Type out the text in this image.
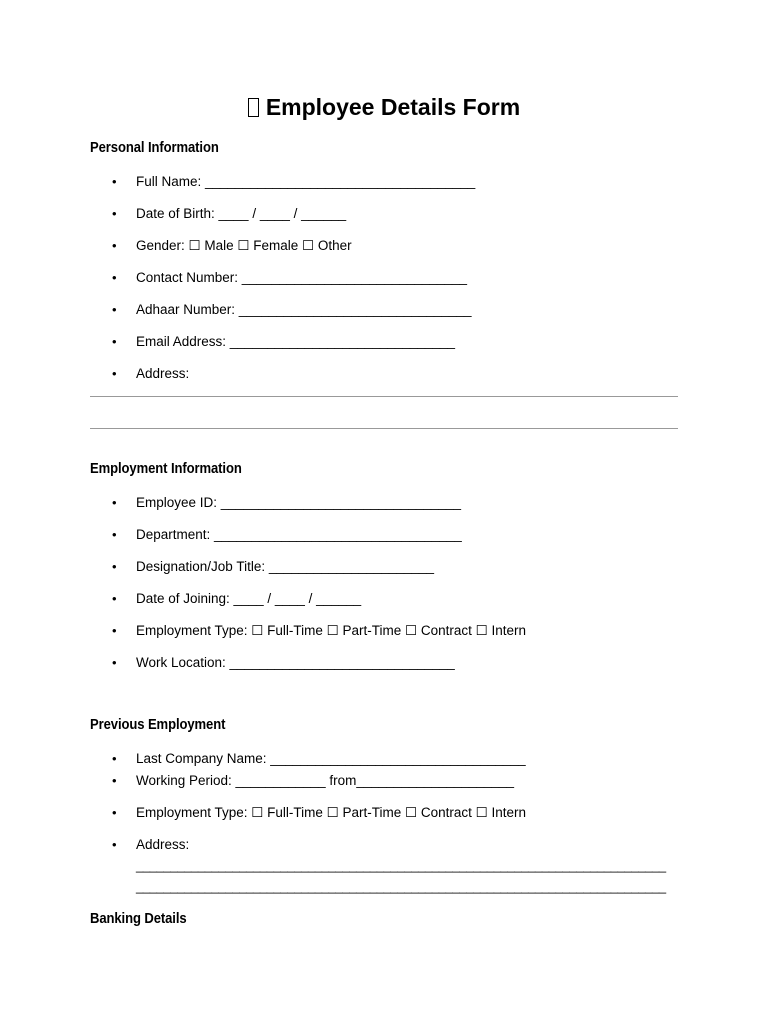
Employee Details Form
Personal Information
• Full Name: ____________________________________
• Date of Birth: ____ / ____ / ______
• Gender: ☐ Male ☐ Female ☐ Other
• Contact Number: ______________________________
• Adhaar Number: _______________________________
• Email Address: ______________________________
• Address:
Employment Information
• Employee ID: ________________________________
• Department: _________________________________
• Designation/Job Title: ______________________
• Date of Joining: ____ / ____ / ______
• Employment Type: ☐ Full-Time ☐ Part-Time ☐ Contract ☐ Intern
• Work Location: ______________________________
Previous Employment
• Last Company Name: __________________________________
• Working Period: ____________ from_____________________
• Employment Type: ☐ Full-Time ☐ Part-Time ☐ Contract ☐ Intern
• Address:
_____________________________________________________________________________
_____________________________________________________________________________
Banking Details
